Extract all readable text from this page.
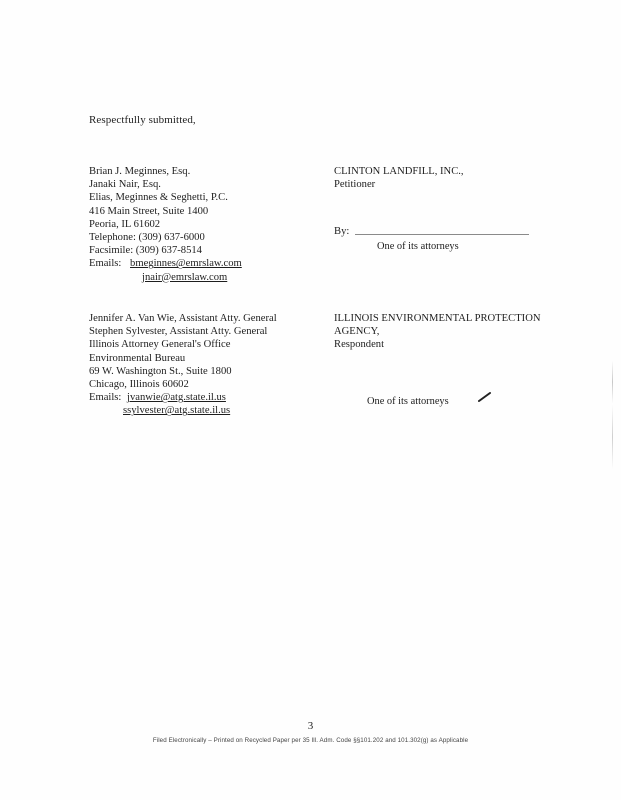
Respectfully submitted,
Brian J. Meginnes, Esq.
Janaki Nair, Esq.
Elias, Meginnes & Seghetti, P.C.
416 Main Street, Suite 1400
Peoria, IL 61602
Telephone: (309) 637-6000
Facsimile: (309) 637-8514
Emails: bmeginnes@emrslaw.com
jnair@emrslaw.com
CLINTON LANDFILL, INC.,
Petitioner
By:
One of its attorneys
Jennifer A. Van Wie, Assistant Atty. General
Stephen Sylvester, Assistant Atty. General
Illinois Attorney General's Office
Environmental Bureau
69 W. Washington St., Suite 1800
Chicago, Illinois 60602
Emails: jvanwie@atg.state.il.us
ssylvester@atg.state.il.us
ILLINOIS ENVIRONMENTAL PROTECTION
AGENCY,
Respondent
One of its attorneys
3
Filed Electronically – Printed on Recycled Paper per 35 Ill. Adm. Code §§101.202 and 101.302(g) as Applicable
